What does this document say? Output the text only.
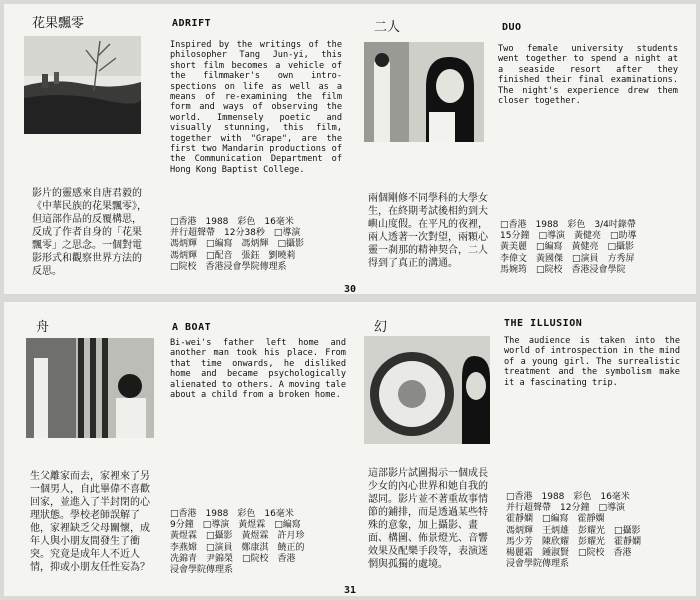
花果飄零	ADRIFT
Inspired by the writings of the philosopher Tang Jun-yi, this short film becomes a vehicle of the filmmaker's own intro-spections on life as well as a means of re-examining the film form and ways of observing the world. Immensely poetic and visually stunning, this film, together with "Grape", are the first two Mandarin productions of the Communication Department of Hong Kong Baptist College.
影片的靈感來自唐君毅的《中華民族的花果飄零》，但這部作品的反覆構思，反成了作者自身的「花果飄零」之思念。一個對電影形式和觀察世界方法的反思。
□香港　1988　彩色　16毫米
并行超聲帶　12分38秒　□導演
馮炳輝　□編寫　馮炳輝　□攝影
馮炳輝　□配音　張鈺　劉曉莉
□院校　香港浸會學院傳理系
二人	DUO
Two female university students went together to spend a night at a seaside resort after they finished their final examinations. The night's experience drew them closer together.
兩個剛修不同學科的大學女生，在終期考試後相約到大嶼山度假。在平凡的夜裡，兩人透著一次對望，兩顆心靈一刹那的精神契合，二人得到了真正的溝通。
□香港　1988　彩色　3/4吋錄帶
15分鐘　□導演　黃健亮　□助導
黃美麗　□編寫　黃健亮　□攝影
李偉文　黃國傑　□演員　方秀屏
馬婉筠　□院校　香港浸會學院
30
舟	A BOAT
Bi-wei's father left home and another man took his place. From that time onwards, he disliked home and became psychologically alienated to others. A moving tale about a child from a broken home.
生父離家而去，家裡來了另一個男人，自此畢偉不喜歡回家，並進入了半封閉的心理狀態。學校老師誤解了他，家裡缺乏父母關懷，成年人與小朋友間發生了衝突。究竟是成年人不近人情，抑或小朋友任性妄為？
□香港　1988　彩色　16毫米
9分鐘　□導演　黃煜霖　□編寫
黃煜霖　□攝影　黃煜霖　許月珍
李燕嫦　□演員　鄭康淇　饒正的
冼錦青　尹錦榮　□院校　香港
浸會學院傳理系
幻	THE ILLUSION
The audience is taken into the world of introspection in the mind of a young girl. The surrealistic treatment and the symbolism make it a fascinating trip.
這部影片試圖揭示一個成長少女的內心世界和她自我的認同。影片並不著重故事情節的鋪排，而是透過某些特殊的意象，加上攝影、畫面、構圖、佈景燈光、音響效果及配樂手段等，表演迷惘與孤獨的處境。
□香港　1988　彩色　16毫米
并行超聲帶　12分鐘　□導演
霍靜嫻　□編寫　霍靜嫻
馮炳輝　王炳雄　彭耀光　□攝影
馬少芳　陳欣耀　彭耀光　霍靜嫻
楊麗霜　鍾淑賢　□院校　香港
浸會學院傳理系
31
